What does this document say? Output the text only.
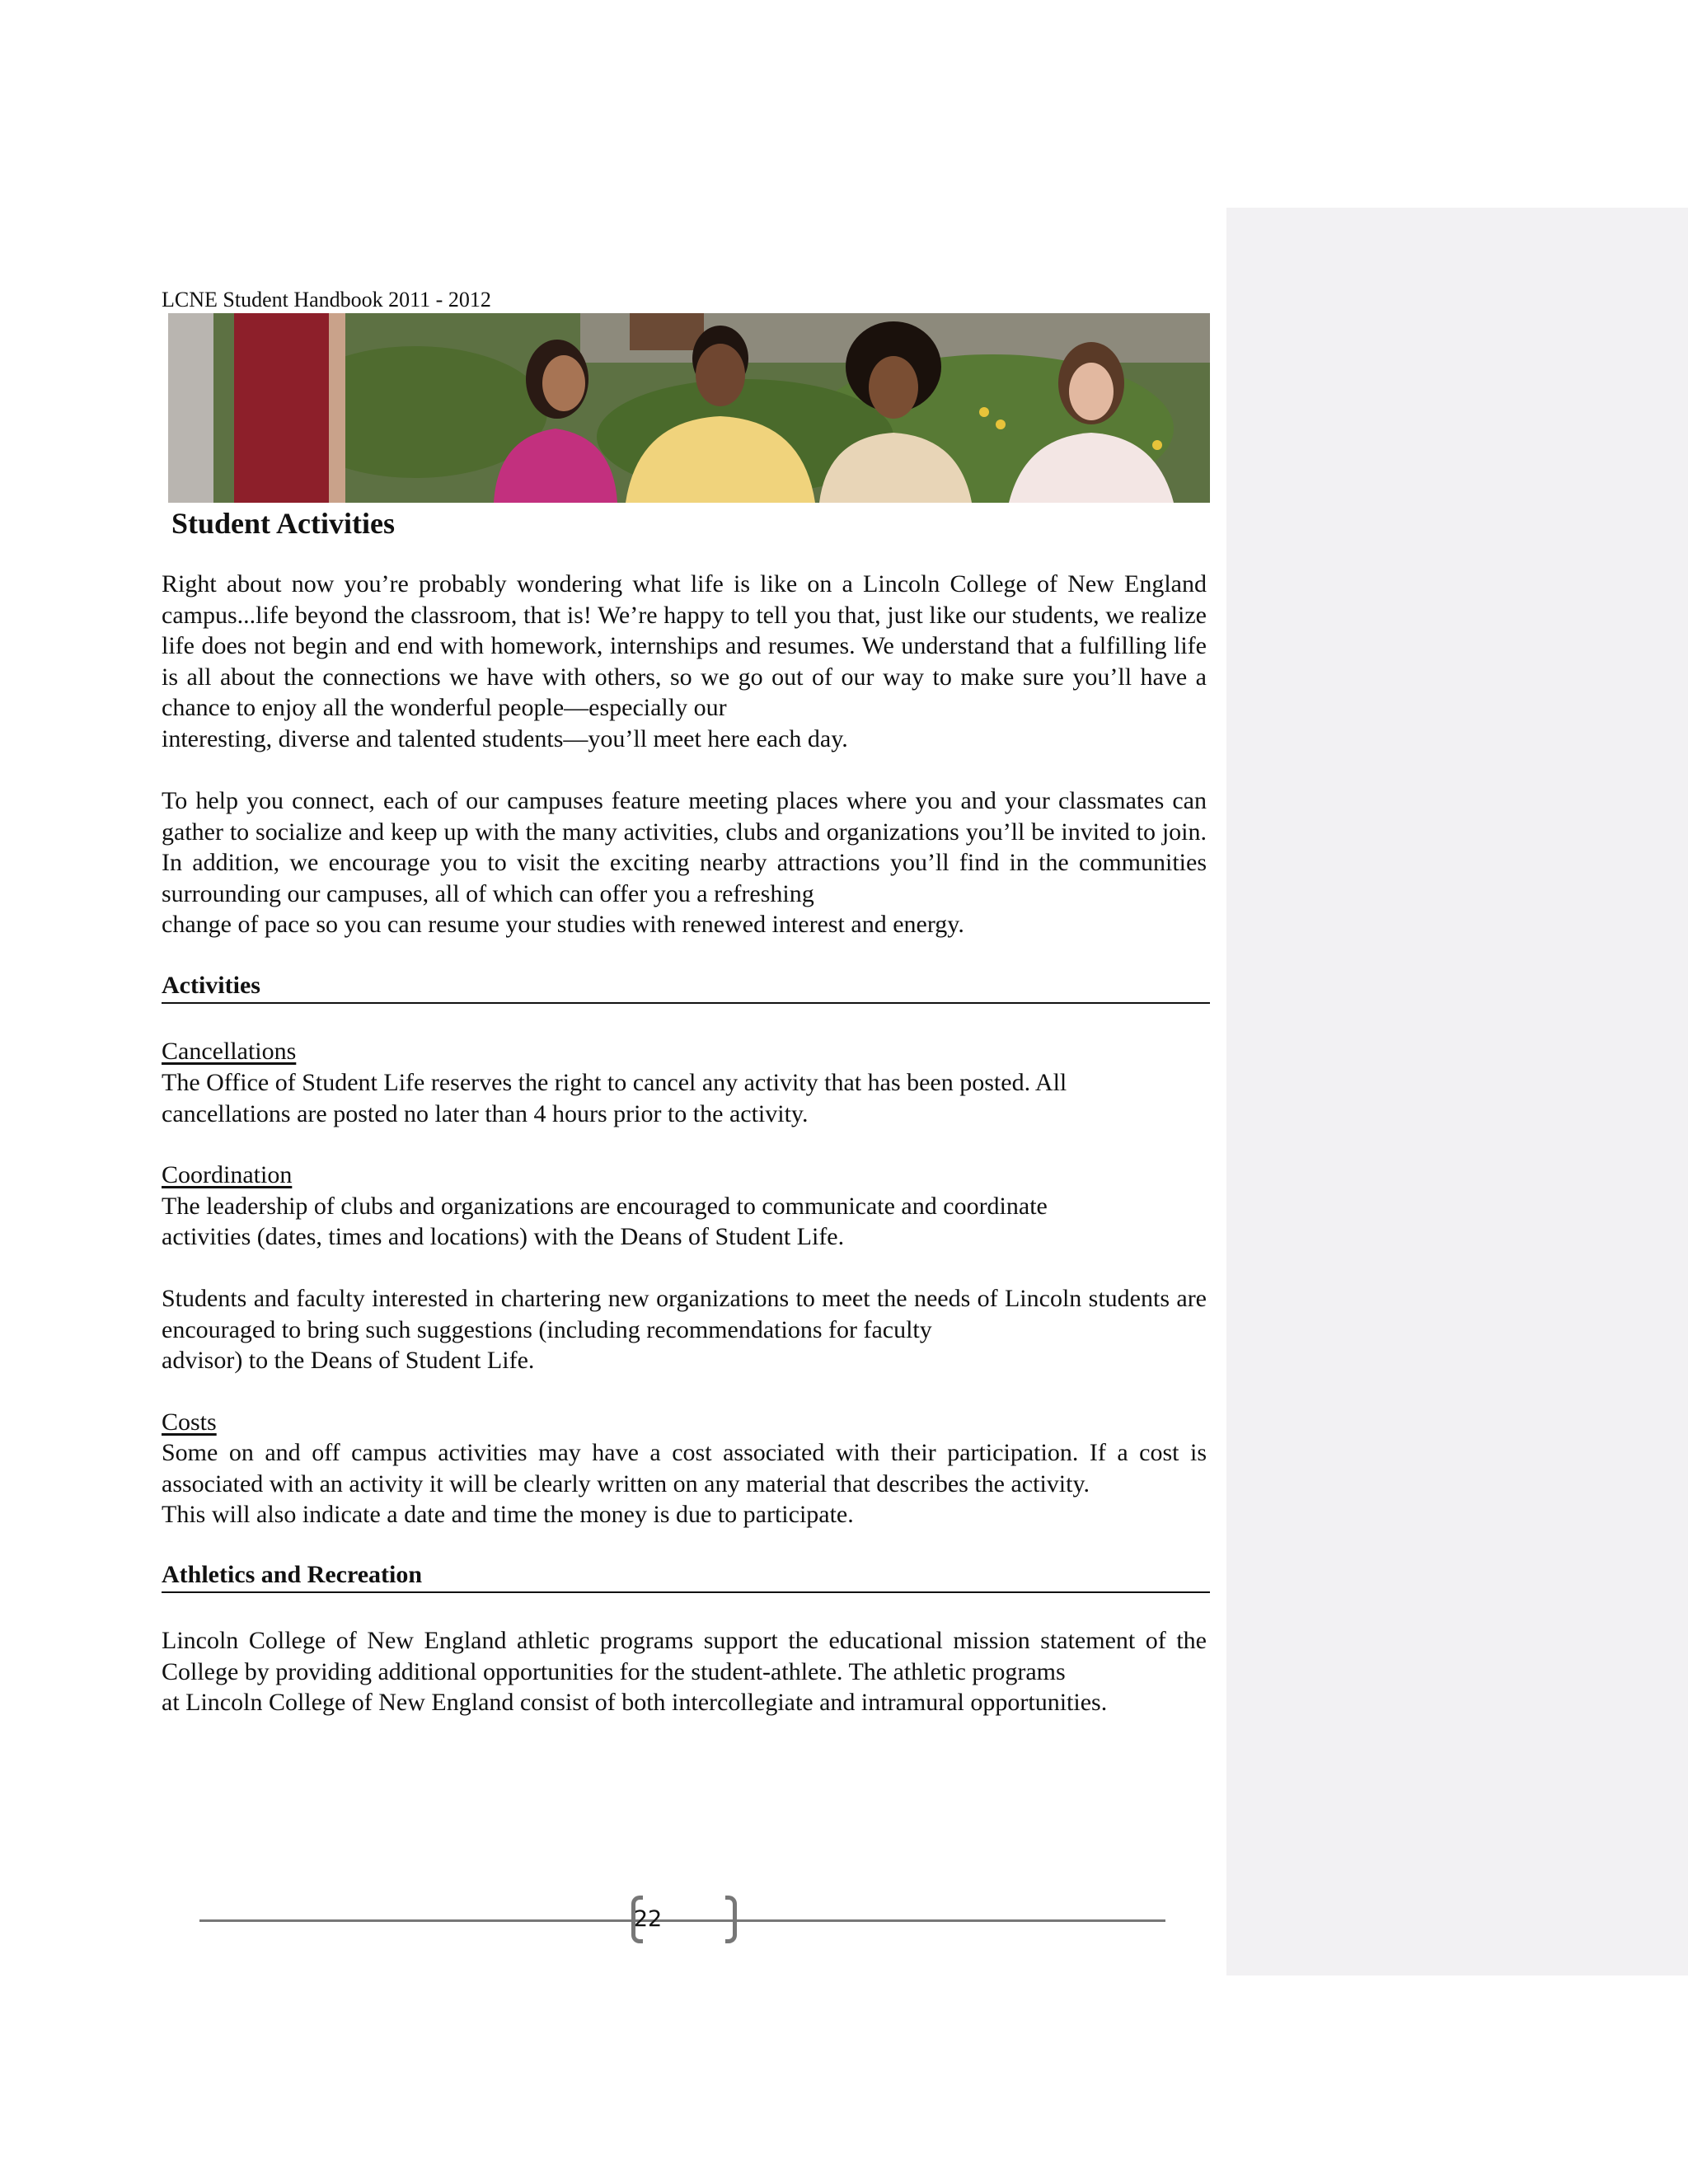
LCNE Student Handbook 2011 - 2012
Student Activities

Right about now you’re probably wondering what life is like on a Lincoln College of New England campus...life beyond the classroom, that is! We’re happy to tell you that, just like our students, we realize life does not begin and end with homework, internships and resumes. We understand that a fulfilling life is all about the connections we have with others, so we go out of our way to make sure you’ll have a chance to enjoy all the wonderful people—especially our

interesting, diverse and talented students—you’ll meet here each day.

To help you connect, each of our campuses feature meeting places where you and your classmates can gather to socialize and keep up with the many activities, clubs and organizations you’ll be invited to join. In addition, we encourage you to visit the exciting nearby attractions you’ll find in the communities surrounding our campuses, all of which can offer you a refreshing

change of pace so you can resume your studies with renewed interest and energy.

Activities
Cancellations

The Office of Student Life reserves the right to cancel any activity that has been posted. All

cancellations are posted no later than 4 hours prior to the activity.

Coordination

The leadership of clubs and organizations are encouraged to communicate and coordinate

activities (dates, times and locations) with the Deans of Student Life.

Students and faculty interested in chartering new organizations to meet the needs of Lincoln students are encouraged to bring such suggestions (including recommendations for faculty

advisor) to the Deans of Student Life.

Costs

Some on and off campus activities may have a cost associated with their participation. If a cost is associated with an activity it will be clearly written on any material that describes the activity.

This will also indicate a date and time the money is due to participate.

Athletics and Recreation

Lincoln College of New England athletic programs support the educational mission statement of the College by providing additional opportunities for the student-athlete. The athletic programs

at Lincoln College of New England consist of both intercollegiate and intramural opportunities.

22
